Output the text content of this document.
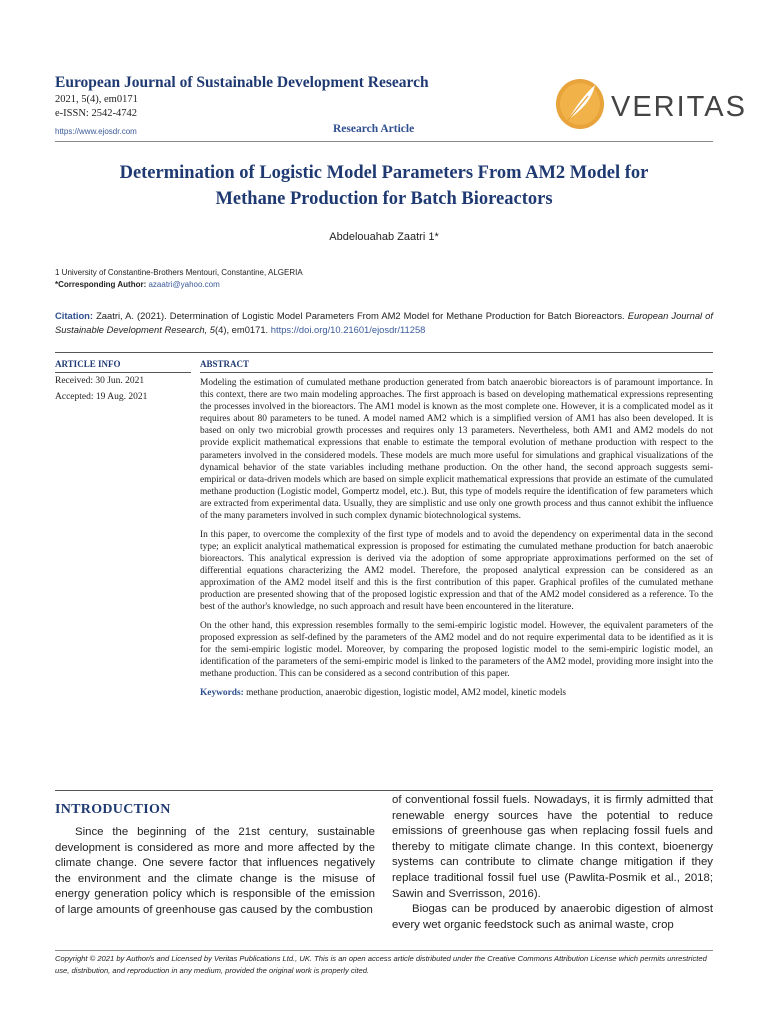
European Journal of Sustainable Development Research
2021, 5(4), em0171
e-ISSN: 2542-4742
https://www.ejosdr.com	Research Article
VERITAS
Determination of Logistic Model Parameters From AM2 Model for
Methane Production for Batch Bioreactors
Abdelouahab Zaatri 1*
1 University of Constantine-Brothers Mentouri, Constantine, ALGERIA
*Corresponding Author: azaatri@yahoo.com
Citation: Zaatri, A. (2021). Determination of Logistic Model Parameters From AM2 Model for Methane Production for Batch Bioreactors. European Journal of Sustainable Development Research, 5(4), em0171. https://doi.org/10.21601/ejosdr/11258
ARTICLE INFO	ABSTRACT
Received: 30 Jun. 2021
Accepted: 19 Aug. 2021

Modeling the estimation of cumulated methane production generated from batch anaerobic bioreactors is of paramount importance. In this context, there are two main modeling approaches. The first approach is based on developing mathematical expressions representing the processes involved in the bioreactors. The AM1 model is known as the most complete one. However, it is a complicated model as it requires about 80 parameters to be tuned. A model named AM2 which is a simplified version of AM1 has also been developed. It is based on only two microbial growth processes and requires only 13 parameters. Nevertheless, both AM1 and AM2 models do not provide explicit mathematical expressions that enable to estimate the temporal evolution of methane production with respect to the parameters involved in the considered models. These models are much more useful for simulations and graphical visualizations of the dynamical behavior of the state variables including methane production. On the other hand, the second approach suggests semi-empirical or data-driven models which are based on simple explicit mathematical expressions that provide an estimate of the cumulated methane production (Logistic model, Gompertz model, etc.). But, this type of models require the identification of few parameters which are extracted from experimental data. Usually, they are simplistic and use only one growth process and thus cannot exhibit the influence of the many parameters involved in such complex dynamic biotechnological systems.

In this paper, to overcome the complexity of the first type of models and to avoid the dependency on experimental data in the second type; an explicit analytical mathematical expression is proposed for estimating the cumulated methane production for batch anaerobic bioreactors. This analytical expression is derived via the adoption of some appropriate approximations performed on the set of differential equations characterizing the AM2 model. Therefore, the proposed analytical expression can be considered as an approximation of the AM2 model itself and this is the first contribution of this paper. Graphical profiles of the cumulated methane production are presented showing that of the proposed logistic expression and that of the AM2 model considered as a reference. To the best of the author's knowledge, no such approach and result have been encountered in the literature.

On the other hand, this expression resembles formally to the semi-empiric logistic model. However, the equivalent parameters of the proposed expression as self-defined by the parameters of the AM2 model and do not require experimental data to be identified as it is for the semi-empiric logistic model. Moreover, by comparing the proposed logistic model to the semi-empiric logistic model, an identification of the parameters of the semi-empiric model is linked to the parameters of the AM2 model, providing more insight into the methane production. This can be considered as a second contribution of this paper.

Keywords: methane production, anaerobic digestion, logistic model, AM2 model, kinetic models

INTRODUCTION

Since the beginning of the 21st century, sustainable development is considered as more and more affected by the climate change. One severe factor that influences negatively the environment and the climate change is the misuse of energy generation policy which is responsible of the emission of large amounts of greenhouse gas caused by the combustion

of conventional fossil fuels. Nowadays, it is firmly admitted that renewable energy sources have the potential to reduce emissions of greenhouse gas when replacing fossil fuels and thereby to mitigate climate change. In this context, bioenergy systems can contribute to climate change mitigation if they replace traditional fossil fuel use (Pawlita-Posmik et al., 2018; Sawin and Sverrisson, 2016).

Biogas can be produced by anaerobic digestion of almost every wet organic feedstock such as animal waste, crop

Copyright © 2021 by Author/s and Licensed by Veritas Publications Ltd., UK. This is an open access article distributed under the Creative Commons Attribution License which permits unrestricted use, distribution, and reproduction in any medium, provided the original work is properly cited.
